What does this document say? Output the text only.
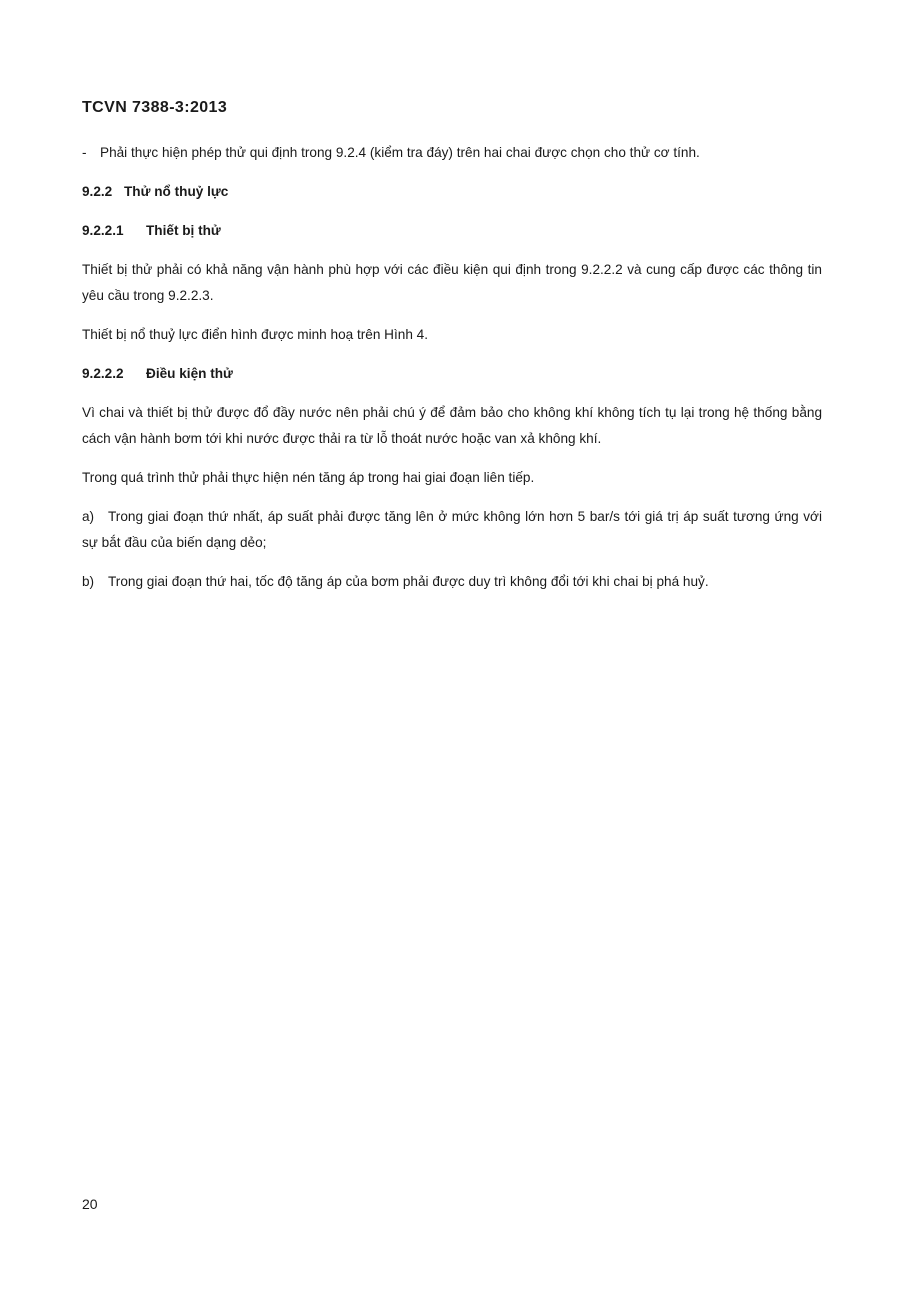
TCVN 7388-3:2013

- Phải thực hiện phép thử qui định trong 9.2.4 (kiểm tra đáy) trên hai chai được chọn cho thử cơ tính.

9.2.2 Thử nổ thuỷ lực
9.2.2.1 Thiết bị thử

Thiết bị thử phải có khả năng vận hành phù hợp với các điều kiện qui định trong 9.2.2.2 và cung cấp được các thông tin yêu cầu trong 9.2.2.3.

Thiết bị nổ thuỷ lực điển hình được minh hoạ trên Hình 4.

9.2.2.2 Điều kiện thử

Vì chai và thiết bị thử được đổ đầy nước nên phải chú ý để đảm bảo cho không khí không tích tụ lại trong hệ thống bằng cách vận hành bơm tới khi nước được thải ra từ lỗ thoát nước hoặc van xả không khí.

Trong quá trình thử phải thực hiện nén tăng áp trong hai giai đoạn liên tiếp.

a) Trong giai đoạn thứ nhất, áp suất phải được tăng lên ở mức không lớn hơn 5 bar/s tới giá trị áp suất tương ứng với sự bắt đầu của biến dạng dẻo;

b) Trong giai đoạn thứ hai, tốc độ tăng áp của bơm phải được duy trì không đổi tới khi chai bị phá huỷ.

20
